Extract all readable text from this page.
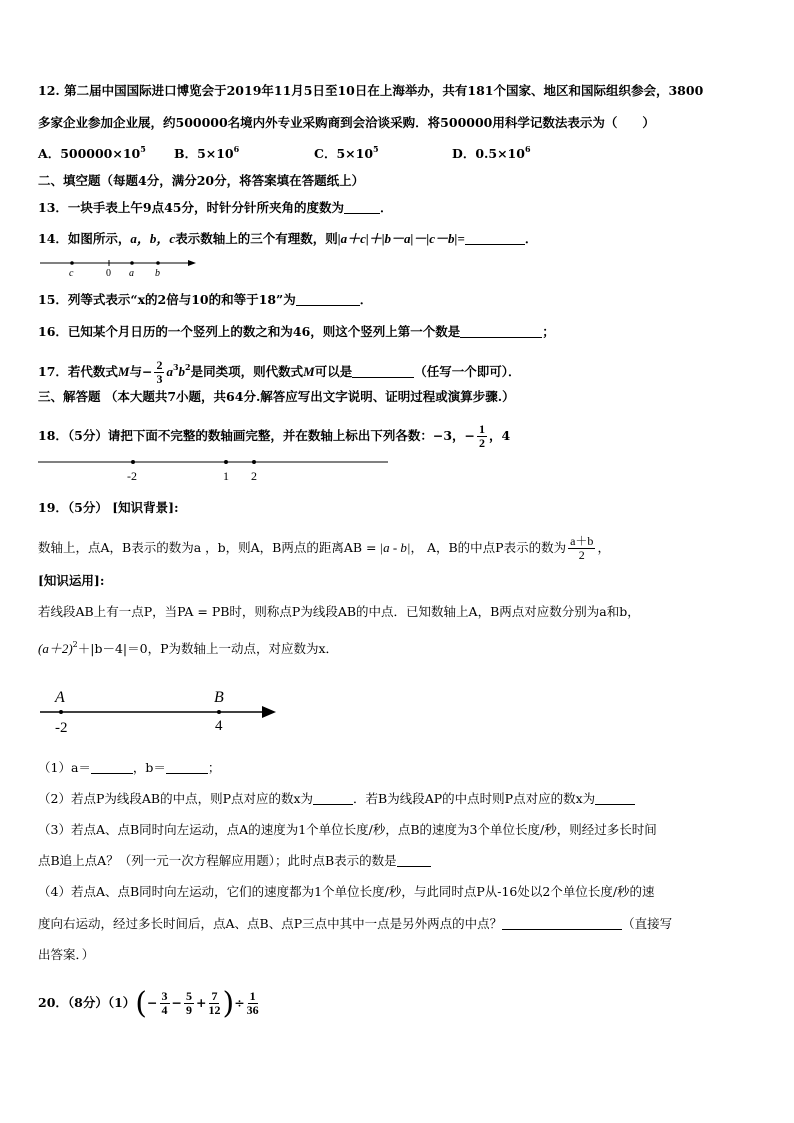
12. 第二届中国国际进口博览会于2019年11月5日至10日在上海举办，共有181个国家、地区和国际组织参会，3800
多家企业参加企业展，约500000名境内外专业采购商到会洽谈采购．将500000用科学记数法表示为（　　）
A．$500000\times 10^5$ B．$5\times 10^6$	C．$5\times 10^5$	D．$0.5\times 10^6$
二、填空题（每题4分，满分20分，将答案填在答题纸上）
13．一块手表上午9点45分，时针分针所夹角的度数为	．
14．如图所示，a，b，c表示数轴上的三个有理数，则|a＋c|＋|b－a|－|c－b|=	．
c	0 a b
15．列等式表示“x的2倍与10的和等于18”为	．
16．已知某个月日历的一个竖列上的数之和为46，则这个竖列上第一个数是	；
17．若代数式M与− $\frac{2}{3} a^3b^2$是同类项，则代数式M可以是	（任写一个即可）．
三、解答题 （本大题共7小题，共64分.解答应写出文字说明、证明过程或演算步骤.）
18．（5分）请把下面不完整的数轴画完整，并在数轴上标出下列各数：−3，− $\frac{1}{2}$ ，4
-2	1 2
19．（5分） [知识背景]:
数轴上，点A，B表示的数为a ，b，则A，B两点的距离AB = |a - b|， A，B的中点P表示的数为 $\frac{a+b}{2}$ ，
[知识运用]:
若线段AB上有一点P，当PA = PB时，则称点P为线段AB的中点．已知数轴上A，B两点对应数分别为a和b，
$(a+2)^2+|b-4|=0$，P为数轴上一动点，对应数为x．
A	B
-2	4
（1）a＝	，b＝	；
（2）若点P为线段AB的中点，则P点对应的数x为	．若B为线段AP的中点时则P点对应的数x为
（3）若点A、点B同时向左运动，点A的速度为1个单位长度/秒，点B的速度为3个单位长度/秒，则经过多长时间
点B追上点A？（列一元一次方程解应用题）；此时点B表示的数是
（4）若点A、点B同时向左运动，它们的速度都为1个单位长度/秒，与此同时点P从-16处以2个单位长度/秒的速
度向右运动，经过多长时间后，点A、点B、点P三点中其中一点是另外两点的中点？	（直接写
出答案．）
20．（8分）$(1)(- \frac{3}{4} - \frac{5}{9} + \frac{7}{12}$ )÷ $\frac{1}{36}$
